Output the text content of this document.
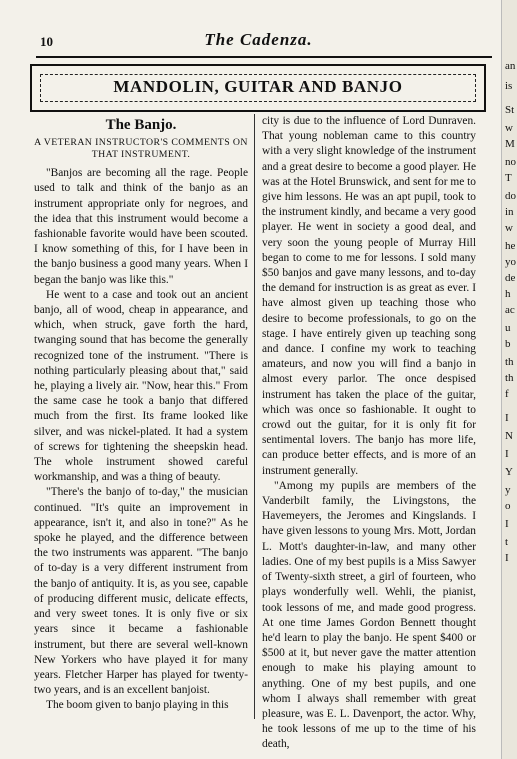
10	The Cadenza.
MANDOLIN, GUITAR AND BANJO
The Banjo.
A VETERAN INSTRUCTOR'S COMMENTS ON THAT INSTRUMENT.

"Banjos are becoming all the rage. People used to talk and think of the banjo as an instrument appropriate only for negroes, and the idea that this instrument would become a fashionable favorite would have been scouted. I know something of this, for I have been in the banjo business a good many years. When I began the banjo was like this."

He went to a case and took out an ancient banjo, all of wood, cheap in appearance, and which, when struck, gave forth the hard, twanging sound that has become the generally recognized tone of the instrument. "There is nothing particularly pleasing about that," said he, playing a lively air. "Now, hear this." From the same case he took a banjo that differed much from the first. Its frame looked like silver, and was nickel-plated. It had a system of screws for tightening the sheepskin head. The whole instrument showed careful workmanship, and was a thing of beauty.

"There's the banjo of to-day," the musician continued. "It's quite an improvement in appearance, isn't it, and also in tone?" As he spoke he played, and the difference between the two instruments was apparent. "The banjo of to-day is a very different instrument from the banjo of antiquity. It is, as you see, capable of producing different music, delicate effects, and very sweet tones. It is only five or six years since it became a fashionable instrument, but there are several well-known New Yorkers who have played it for many years. Fletcher Harper has played for twenty-two years, and is an excellent banjoist.

The boom given to banjo playing in this

city is due to the influence of Lord Dunraven. That young nobleman came to this country with a very slight knowledge of the instrument and a great desire to become a good player. He was at the Hotel Brunswick, and sent for me to give him lessons. He was an apt pupil, took to the instrument kindly, and became a very good player. He went in society a good deal, and very soon the young people of Murray Hill began to come to me for lessons. I sold many $50 banjos and gave many lessons, and to-day the demand for instruction is as great as ever. I have almost given up teaching those who desire to become professionals, to go on the stage. I have entirely given up teaching song and dance. I confine my work to teaching amateurs, and now you will find a banjo in almost every parlor. The once despised instrument has taken the place of the guitar, which was once so fashionable. It ought to crowd out the guitar, for it is only fit for sentimental lovers. The banjo has more life, can produce better effects, and is more of an instrument generally.

"Among my pupils are members of the Vanderbilt family, the Livingstons, the Havemeyers, the Jeromes and Kingslands. I have given lessons to young Mrs. Mott, Jordan L. Mott's daughter-in-law, and many other ladies. One of my best pupils is a Miss Sawyer of Twenty-sixth street, a girl of fourteen, who plays wonderfully well. Wehli, the pianist, took lessons of me, and made good progress. At one time James Gordon Bennett thought he'd learn to play the banjo. He spent $400 or $500 at it, but never gave the matter attention enough to make his playing amount to anything. One of my best pupils, and one whom I always shall remember with great pleasure, was E. L. Davenport, the actor. Why, he took lessons of me up to the time of his death,

an
is
St
w
M
no
T
do
in
w
he
yo
de
h
ac
u
b
th
th
f
I
N
I
Y
y
o
I
t
I
